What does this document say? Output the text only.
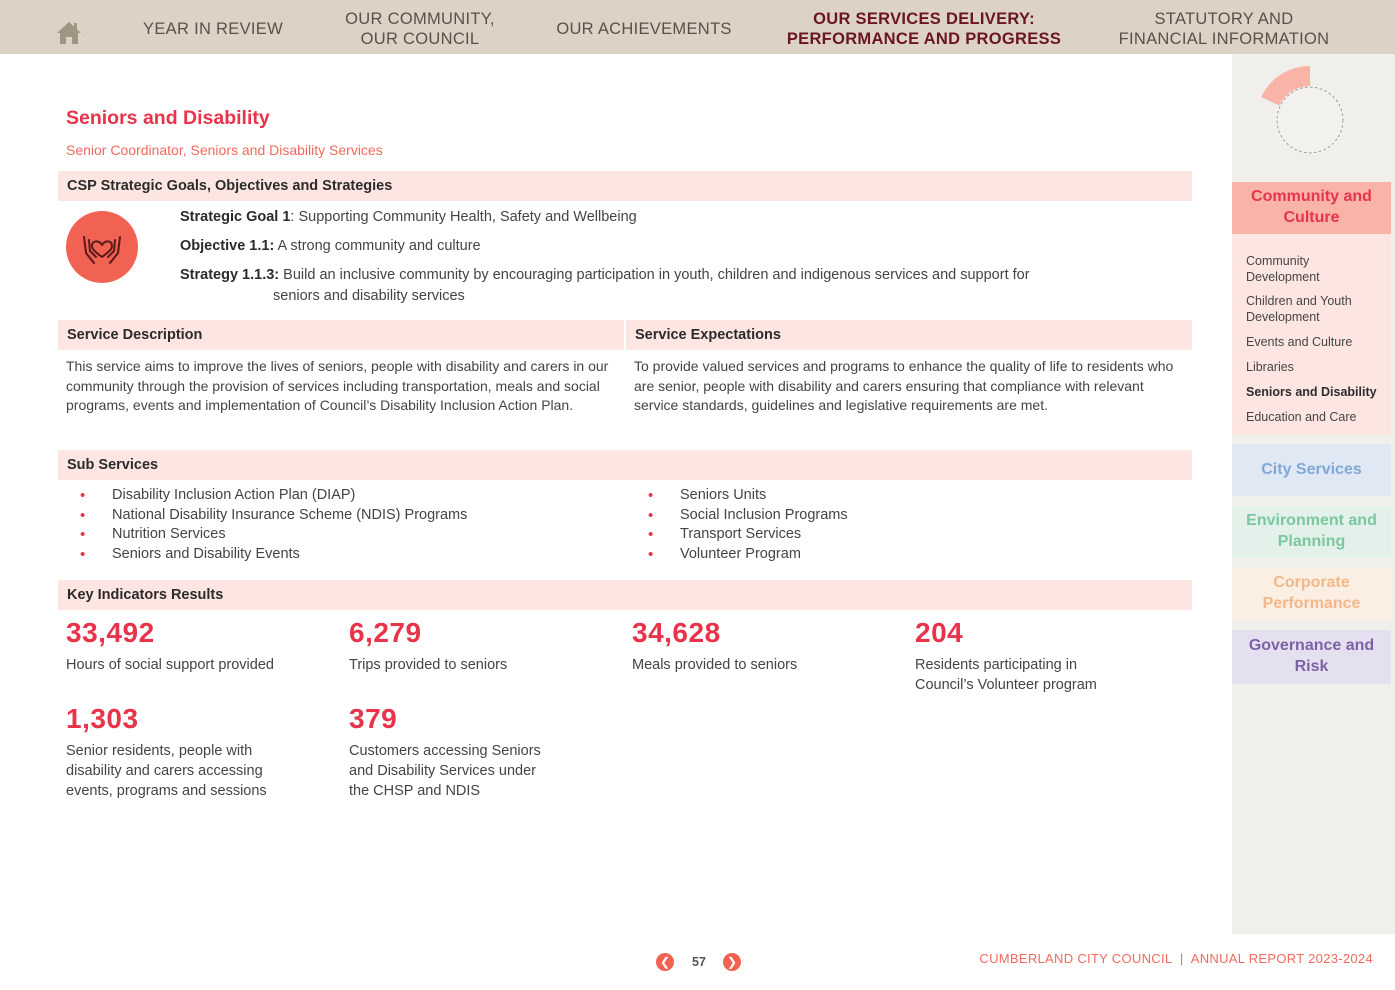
YEAR IN REVIEW
OUR COMMUNITY,
OUR COUNCIL
OUR ACHIEVEMENTS
OUR SERVICES DELIVERY:
PERFORMANCE AND PROGRESS
STATUTORY AND
FINANCIAL INFORMATION
Community and Culture
Community Development
Children and Youth Development
Events and Culture
Libraries
Seniors and Disability
Education and Care
City Services
Environment and Planning
Corporate Performance
Governance and Risk
Seniors and Disability
Senior Coordinator, Seniors and Disability Services
CSP Strategic Goals, Objectives and Strategies
Strategic Goal 1: Supporting Community Health, Safety and Wellbeing
Objective 1.1: A strong community and culture
Strategy 1.1.3: Build an inclusive community by encouraging participation in youth, children and indigenous services and support for
seniors and disability services
Service Description	Service Expectations
This service aims to improve the lives of seniors, people with disability and carers in our community through the provision of services including transportation, meals and social programs, events and implementation of Council’s Disability Inclusion Action Plan.
To provide valued services and programs to enhance the quality of life to residents who are senior, people with disability and carers ensuring that compliance with relevant service standards, guidelines and legislative requirements are met.
Sub Services
• Disability Inclusion Action Plan (DIAP)
• National Disability Insurance Scheme (NDIS) Programs
• Nutrition Services
• Seniors and Disability Events
• Seniors Units
• Social Inclusion Programs
• Transport Services
• Volunteer Program
Key Indicators Results
33,492
Hours of social support provided
6,279
Trips provided to seniors
34,628
Meals provided to seniors
204
Residents participating in Council’s Volunteer program
1,303
Senior residents, people with disability and carers accessing events, programs and sessions
379
Customers accessing Seniors and Disability Services under the CHSP and NDIS
❮	57	❯	CUMBERLAND CITY COUNCIL | ANNUAL REPORT 2023-2024
